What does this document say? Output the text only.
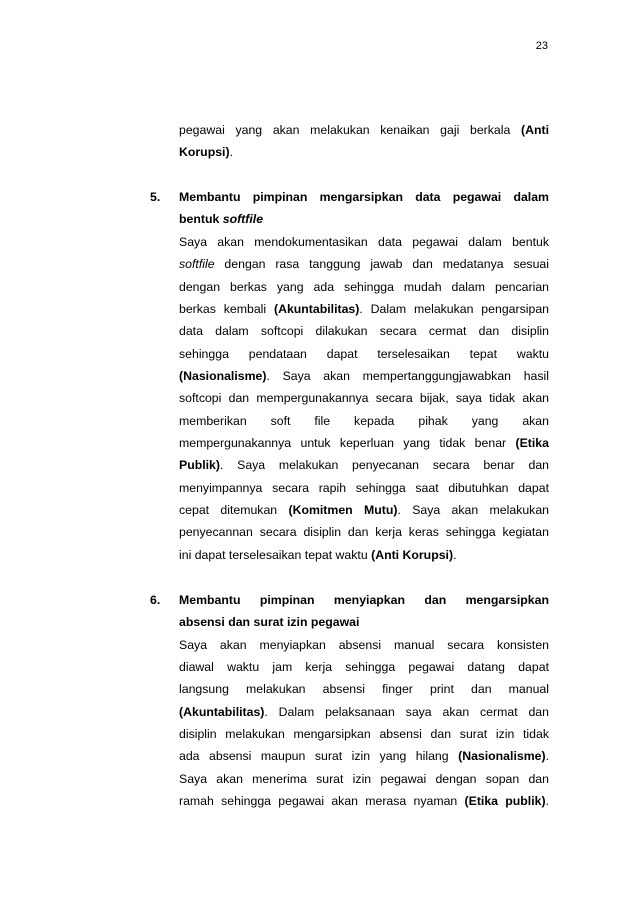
23
pegawai yang akan melakukan kenaikan gaji berkala (Anti
Korupsi).
5. Membantu pimpinan mengarsipkan data pegawai dalam
bentuk softfile
Saya akan mendokumentasikan data pegawai dalam bentuk
softfile dengan rasa tanggung jawab dan medatanya sesuai
dengan berkas yang ada sehingga mudah dalam pencarian
berkas kembali (Akuntabilitas). Dalam melakukan pengarsipan
data dalam softcopi dilakukan secara cermat dan disiplin
sehingga pendataan dapat terselesaikan tepat waktu
(Nasionalisme). Saya akan mempertanggungjawabkan hasil
softcopi dan mempergunakannya secara bijak, saya tidak akan
memberikan soft file kepada pihak yang akan
mempergunakannya untuk keperluan yang tidak benar (Etika
Publik). Saya melakukan penyecanan secara benar dan
menyimpannya secara rapih sehingga saat dibutuhkan dapat
cepat ditemukan (Komitmen Mutu). Saya akan melakukan
penyecannan secara disiplin dan kerja keras sehingga kegiatan
ini dapat terselesaikan tepat waktu (Anti Korupsi).
6. Membantu pimpinan menyiapkan dan mengarsipkan
absensi dan surat izin pegawai
Saya akan menyiapkan absensi manual secara konsisten
diawal waktu jam kerja sehingga pegawai datang dapat
langsung melakukan absensi finger print dan manual
(Akuntabilitas). Dalam pelaksanaan saya akan cermat dan
disiplin melakukan mengarsipkan absensi dan surat izin tidak
ada absensi maupun surat izin yang hilang (Nasionalisme).
Saya akan menerima surat izin pegawai dengan sopan dan
ramah sehingga pegawai akan merasa nyaman (Etika publik).
